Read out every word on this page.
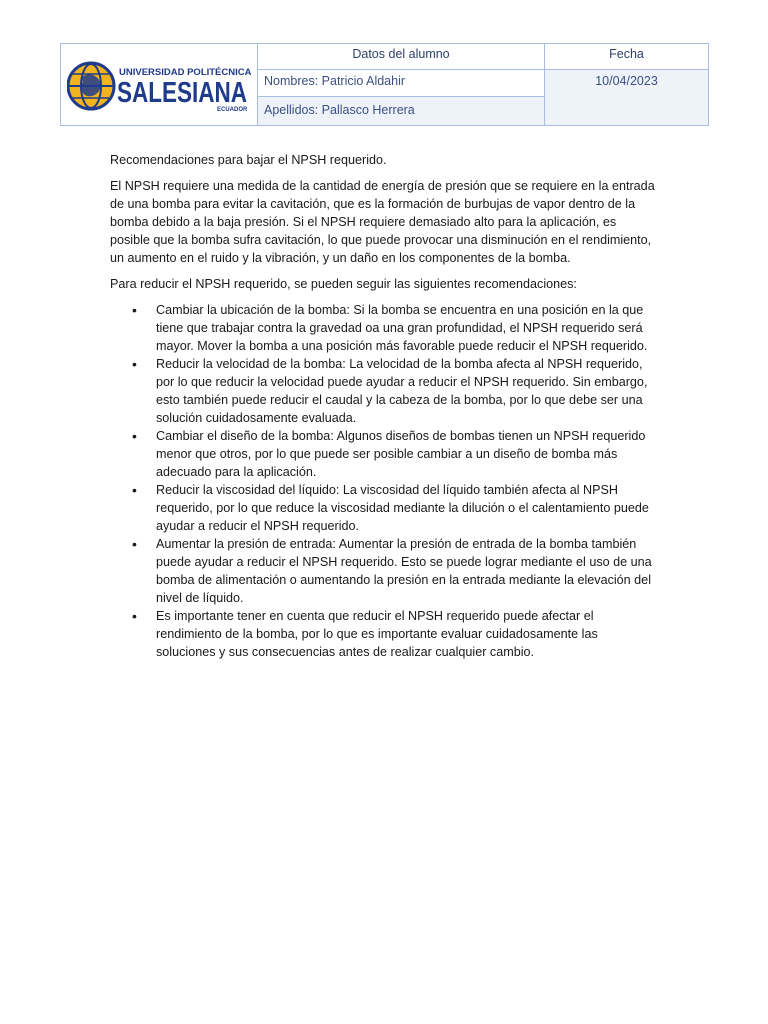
UNIVERSIDAD POLITÉCNICA
SALESIANA
ECUADOR
Datos del alumno	Fecha
Nombres: Patricio Aldahir	10/04/2023
Apellidos: Pallasco Herrera

Recomendaciones para bajar el NPSH requerido.

El NPSH requiere una medida de la cantidad de energía de presión que se requiere en la entrada de una bomba para evitar la cavitación, que es la formación de burbujas de vapor dentro de la bomba debido a la baja presión. Si el NPSH requiere demasiado alto para la aplicación, es posible que la bomba sufra cavitación, lo que puede provocar una disminución en el rendimiento, un aumento en el ruido y la vibración, y un daño en los componentes de la bomba.

Para reducir el NPSH requerido, se pueden seguir las siguientes recomendaciones:

• Cambiar la ubicación de la bomba: Si la bomba se encuentra en una posición en la que tiene que trabajar contra la gravedad oa una gran profundidad, el NPSH requerido será mayor. Mover la bomba a una posición más favorable puede reducir el NPSH requerido.
• Reducir la velocidad de la bomba: La velocidad de la bomba afecta al NPSH requerido, por lo que reducir la velocidad puede ayudar a reducir el NPSH requerido. Sin embargo, esto también puede reducir el caudal y la cabeza de la bomba, por lo que debe ser una solución cuidadosamente evaluada.
• Cambiar el diseño de la bomba: Algunos diseños de bombas tienen un NPSH requerido menor que otros, por lo que puede ser posible cambiar a un diseño de bomba más adecuado para la aplicación.
• Reducir la viscosidad del líquido: La viscosidad del líquido también afecta al NPSH requerido, por lo que reduce la viscosidad mediante la dilución o el calentamiento puede ayudar a reducir el NPSH requerido.
• Aumentar la presión de entrada: Aumentar la presión de entrada de la bomba también puede ayudar a reducir el NPSH requerido. Esto se puede lograr mediante el uso de una bomba de alimentación o aumentando la presión en la entrada mediante la elevación del nivel de líquido.
• Es importante tener en cuenta que reducir el NPSH requerido puede afectar el rendimiento de la bomba, por lo que es importante evaluar cuidadosamente las soluciones y sus consecuencias antes de realizar cualquier cambio.
